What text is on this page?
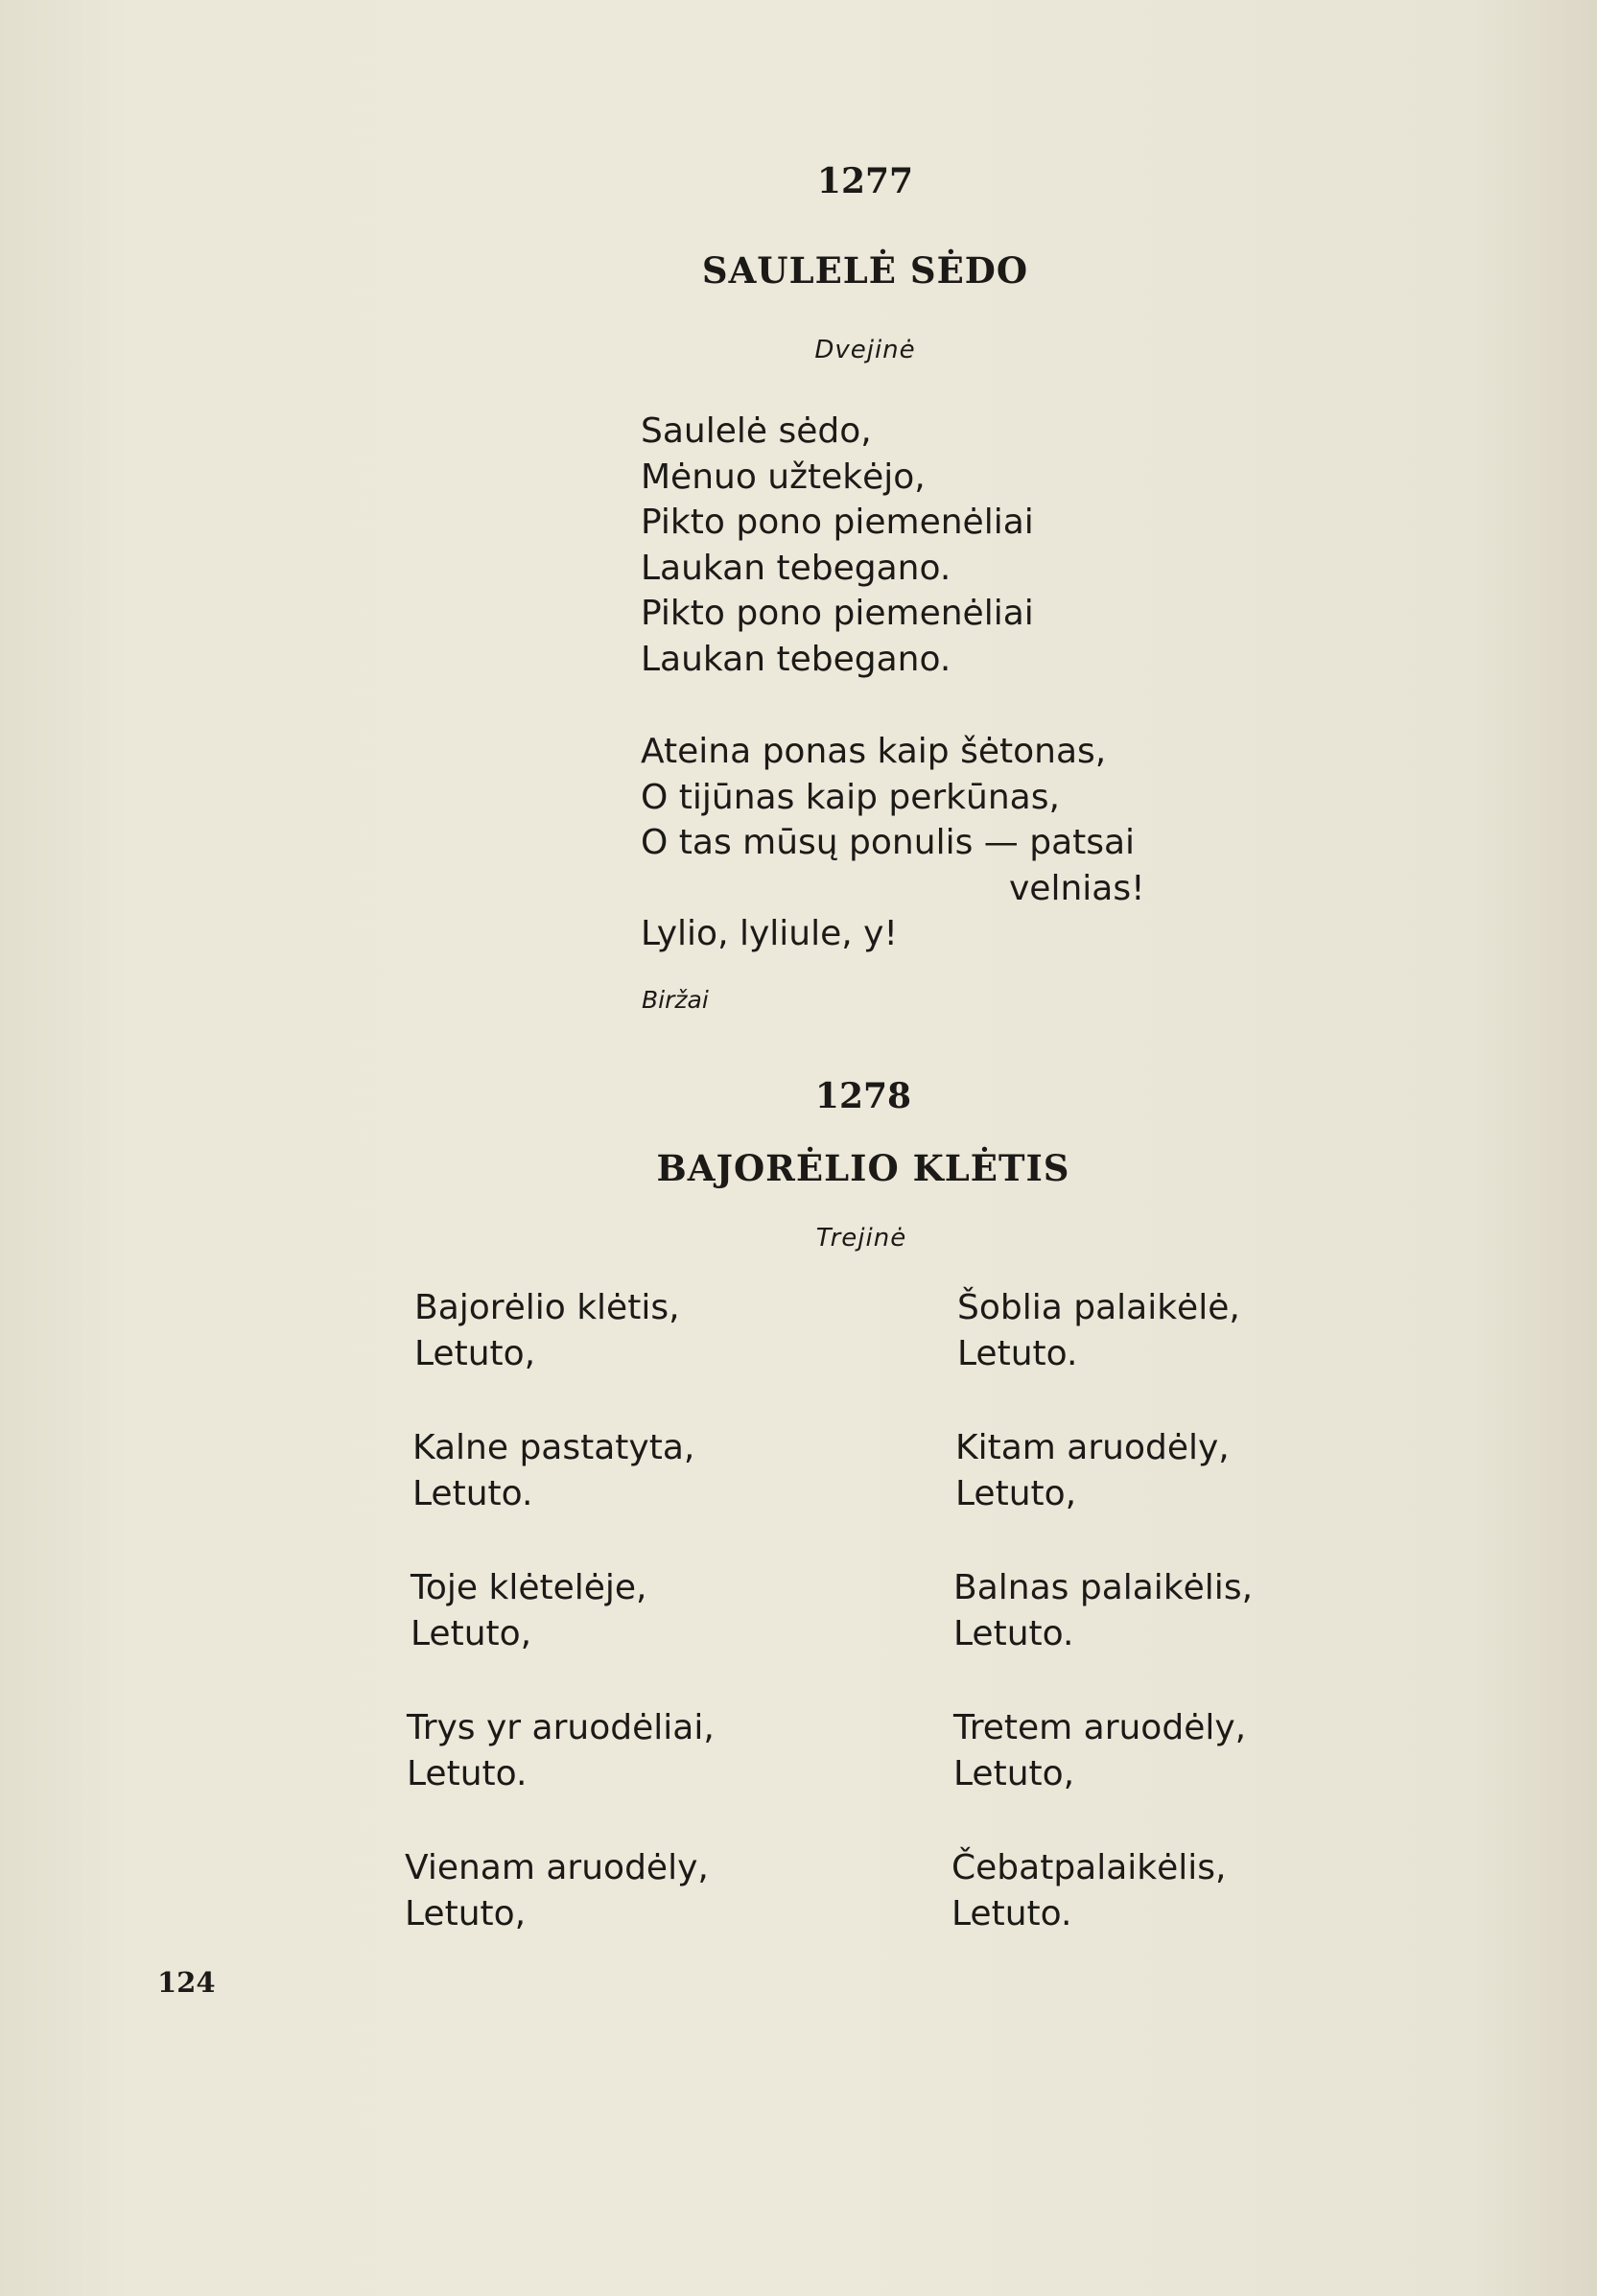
1277
SAULELĖ SĖDO
Dvejinė
Saulelė sėdo,
Mėnuo užtekėjo,
Pikto pono piemenėliai
Laukan tebegano.
Pikto pono piemenėliai
Laukan tebegano.
Ateina ponas kaip šėtonas,
O tijūnas kaip perkūnas,
O tas mūsų ponulis — patsai
velnias!
Lylio, lyliule, y!
Biržai
1278
BAJORĖLIO KLĖTIS
Trejinė
Bajorėlio klėtis,
Letuto,
Kalne pastatyta,
Letuto.
Toje klėtelėje,
Letuto,
Trys yr aruodėliai,
Letuto.
Vienam aruodėly,
Letuto,
Šoblia palaikėlė,
Letuto.
Kitam aruodėly,
Letuto,
Balnas palaikėlis,
Letuto.
Tretem aruodėly,
Letuto,
Čebatpalaikėlis,
Letuto.
124
